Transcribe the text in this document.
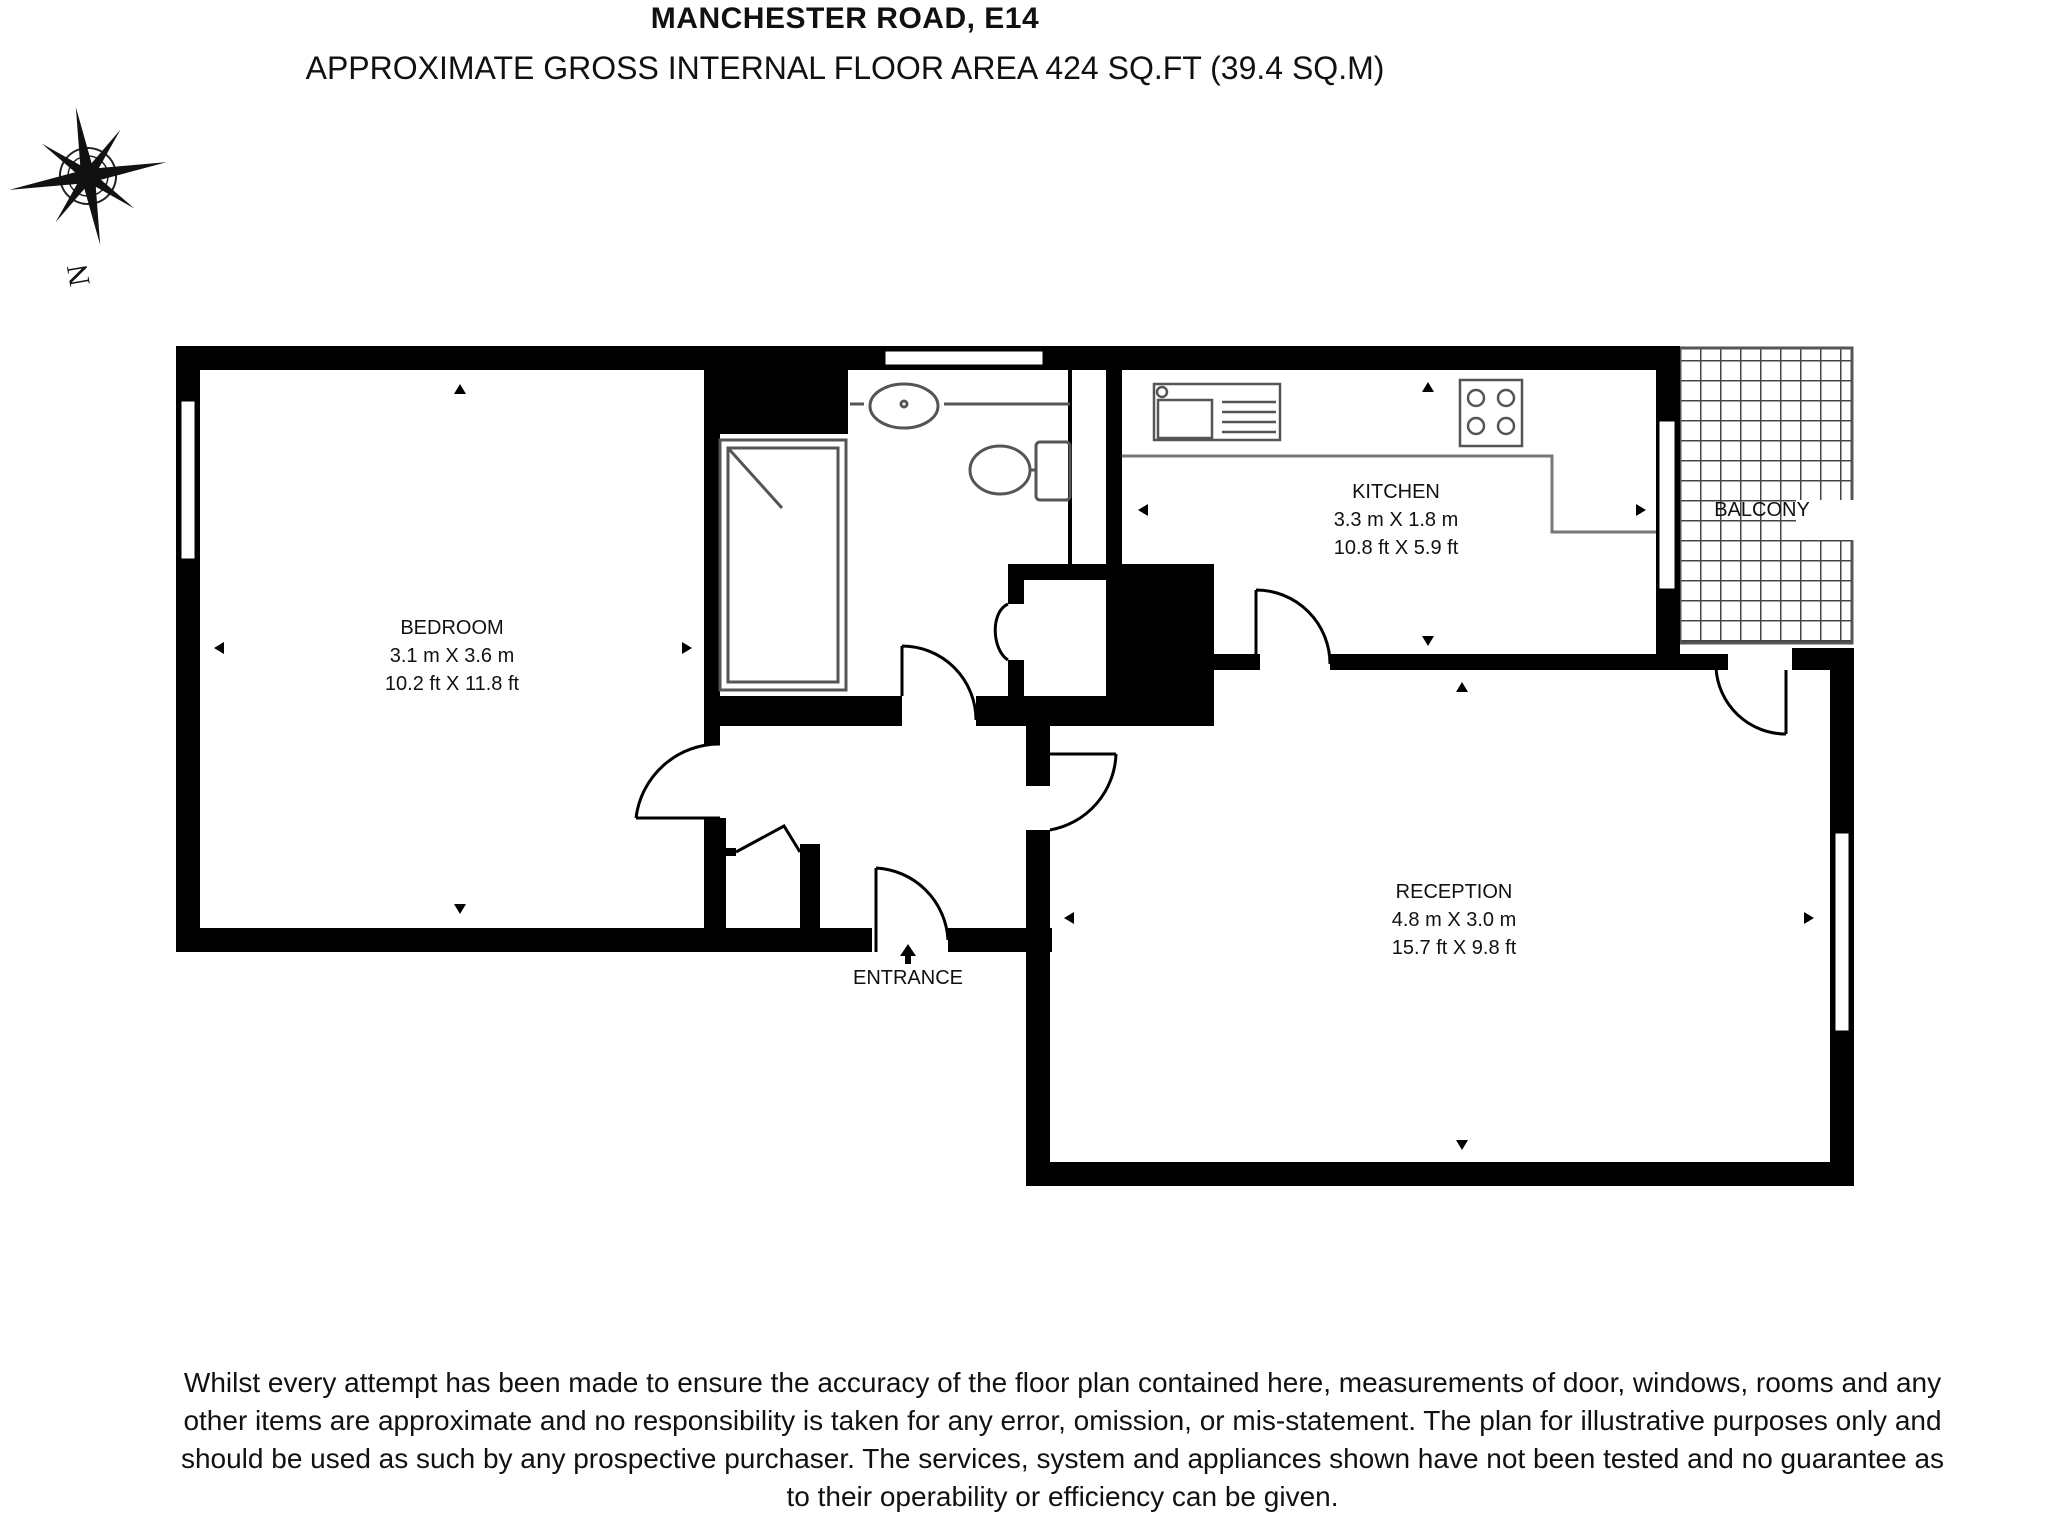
MANCHESTER ROAD, E14
APPROXIMATE GROSS INTERNAL FLOOR AREA 424 SQ.FT (39.4 SQ.M)
N
BEDROOM
3.1 m X 3.6 m
10.2 ft X 11.8 ft
KITCHEN
3.3 m X 1.8 m
10.8 ft X 5.9 ft
BALCONY
RECEPTION
4.8 m X 3.0 m
15.7 ft X 9.8 ft
ENTRANCE
Whilst every attempt has been made to ensure the accuracy of the floor plan contained here, measurements of door, windows, rooms and any
other items are approximate and no responsibility is taken for any error, omission, or mis-statement. The plan for illustrative purposes only and
should be used as such by any prospective purchaser. The services, system and appliances shown have not been tested and no guarantee as
to their operability or efficiency can be given.
